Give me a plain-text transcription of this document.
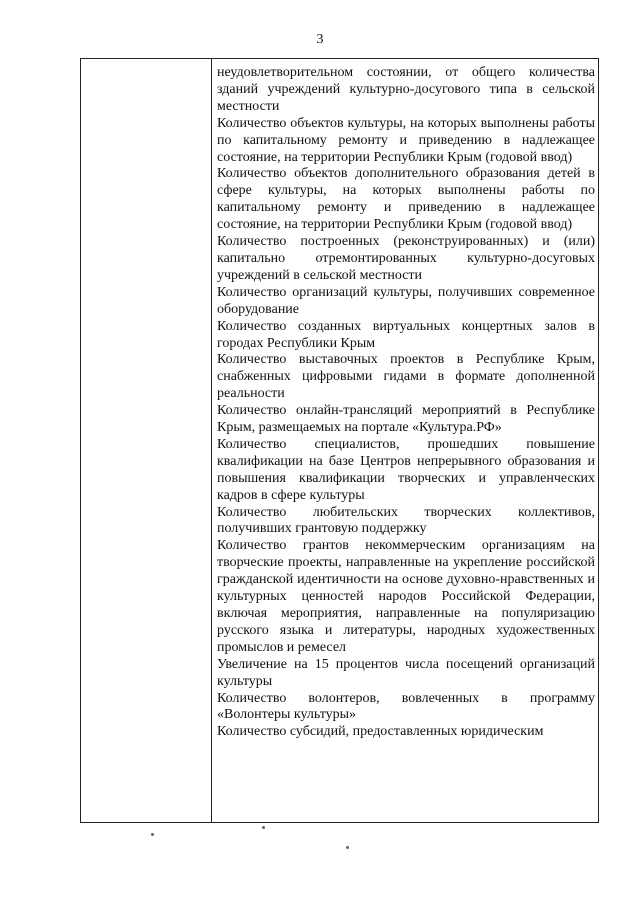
3

неудовлетворительном состоянии, от общего количества зданий учреждений культурно-досугового типа в сельской местности

Количество объектов культуры, на которых выполнены работы по капитальному ремонту и приведению в надлежащее состояние, на территории Республики Крым (годовой ввод)

Количество объектов дополнительного образования детей в сфере культуры, на которых выполнены работы по капитальному ремонту и приведению в надлежащее состояние, на территории Республики Крым (годовой ввод)

Количество построенных (реконструированных) и (или) капитально отремонтированных культурно-досуговых учреждений в сельской местности

Количество организаций культуры, получивших современное оборудование

Количество созданных виртуальных концертных залов в городах Республики Крым

Количество выставочных проектов в Республике Крым, снабженных цифровыми гидами в формате дополненной реальности

Количество онлайн-трансляций мероприятий в Республике Крым, размещаемых на портале «Культура.РФ»

Количество специалистов, прошедших повышение квалификации на базе Центров непрерывного образования и повышения квалификации творческих и управленческих кадров в сфере культуры

Количество любительских творческих коллективов, получивших грантовую поддержку

Количество грантов некоммерческим организациям на творческие проекты, направленные на укрепление российской гражданской идентичности на основе духовно-нравственных и культурных ценностей народов Российской Федерации, включая мероприятия, направленные на популяризацию русского языка и литературы, народных художественных промыслов и ремесел

Увеличение на 15 процентов числа посещений организаций культуры

Количество волонтеров, вовлеченных в программу «Волонтеры культуры»

Количество субсидий, предоставленных юридическим
